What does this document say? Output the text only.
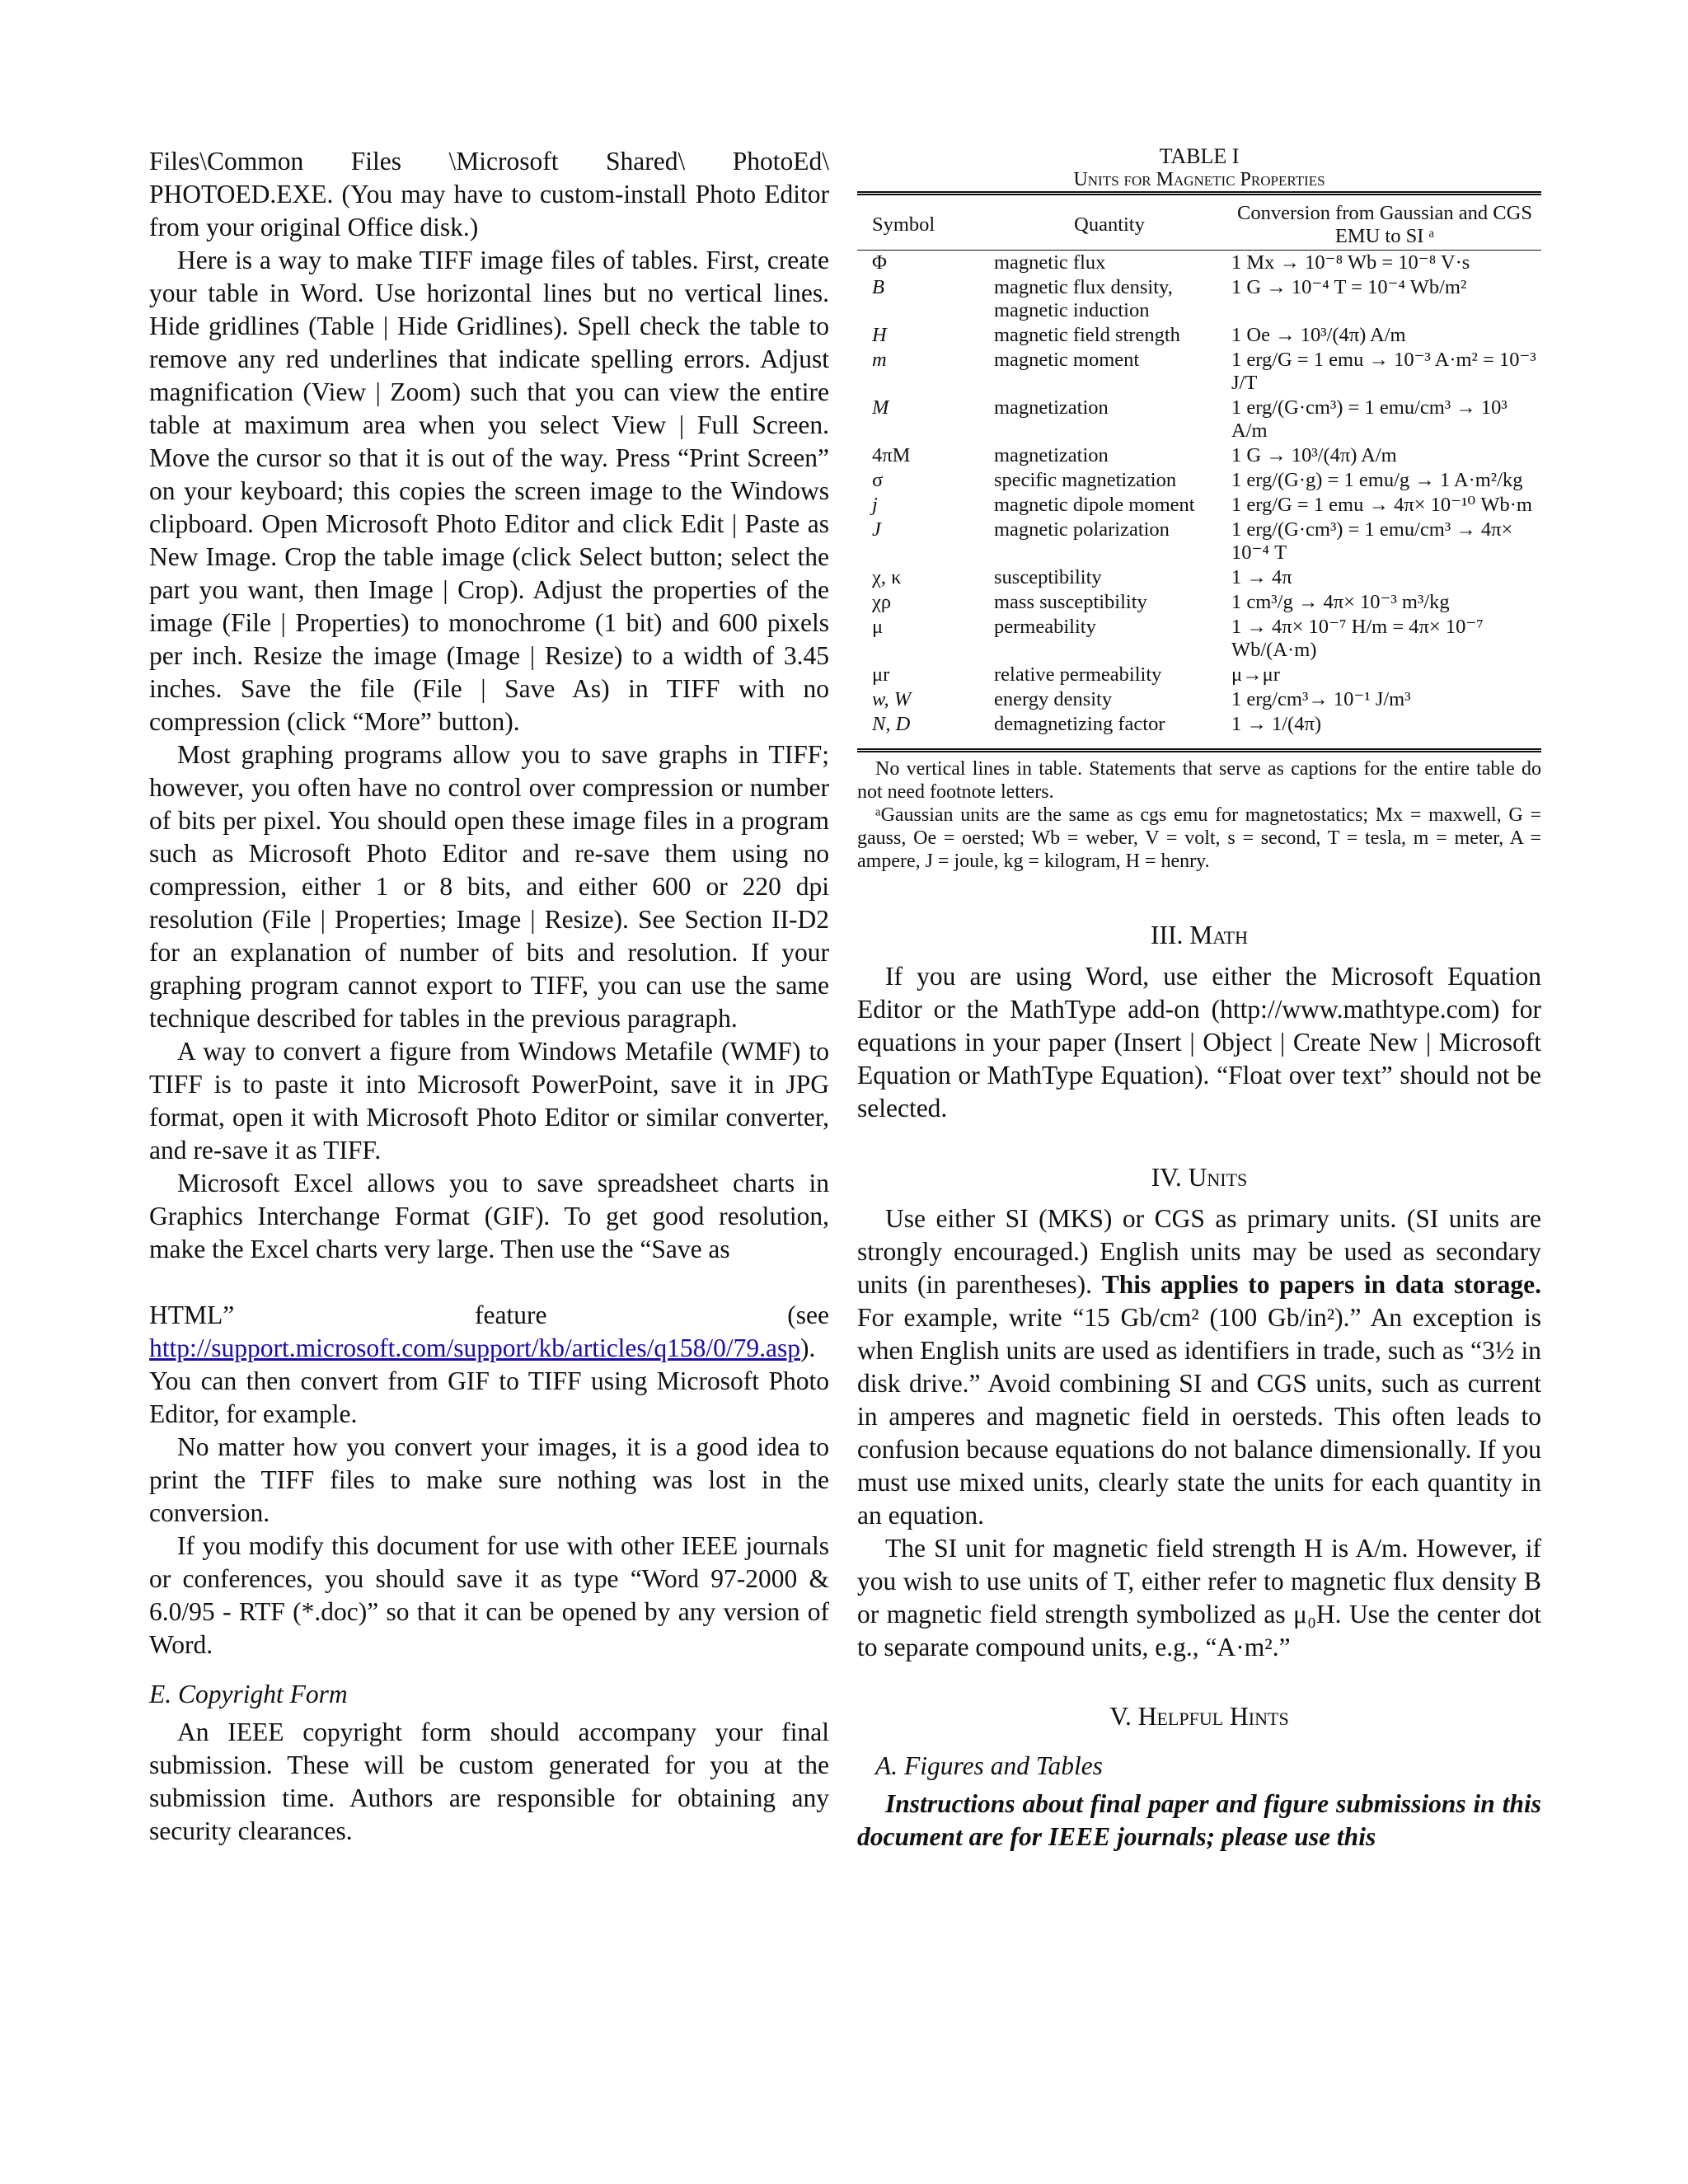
Files\Common Files \Microsoft Shared\ PhotoEd\ PHOTOED.EXE. (You may have to custom-install Photo Editor from your original Office disk.)

Here is a way to make TIFF image files of tables. First, create your table in Word. Use horizontal lines but no vertical lines. Hide gridlines (Table | Hide Gridlines). Spell check the table to remove any red underlines that indicate spelling errors. Adjust magnification (View | Zoom) such that you can view the entire table at maximum area when you select View | Full Screen. Move the cursor so that it is out of the way. Press “Print Screen” on your keyboard; this copies the screen image to the Windows clipboard. Open Microsoft Photo Editor and click Edit | Paste as New Image. Crop the table image (click Select button; select the part you want, then Image | Crop). Adjust the properties of the image (File | Properties) to monochrome (1 bit) and 600 pixels per inch. Resize the image (Image | Resize) to a width of 3.45 inches. Save the file (File | Save As) in TIFF with no compression (click “More” button).

Most graphing programs allow you to save graphs in TIFF; however, you often have no control over compression or number of bits per pixel. You should open these image files in a program such as Microsoft Photo Editor and re-save them using no compression, either 1 or 8 bits, and either 600 or 220 dpi resolution (File | Properties; Image | Resize). See Section II-D2 for an explanation of number of bits and resolution. If your graphing program cannot export to TIFF, you can use the same technique described for tables in the previous paragraph.

A way to convert a figure from Windows Metafile (WMF) to TIFF is to paste it into Microsoft PowerPoint, save it in JPG format, open it with Microsoft Photo Editor or similar converter, and re-save it as TIFF.

Microsoft Excel allows you to save spreadsheet charts in Graphics Interchange Format (GIF). To get good resolution, make the Excel charts very large. Then use the “Save as

HTML” feature (see http://support.microsoft.com/support/kb/articles/q158/0/79.asp). You can then convert from GIF to TIFF using Microsoft Photo Editor, for example.

No matter how you convert your images, it is a good idea to print the TIFF files to make sure nothing was lost in the conversion.

If you modify this document for use with other IEEE journals or conferences, you should save it as type “Word 97-2000 & 6.0/95 - RTF (*.doc)” so that it can be opened by any version of Word.

E. Copyright Form

An IEEE copyright form should accompany your final submission. These will be custom generated for you at the submission time. Authors are responsible for obtaining any security clearances.

TABLE I
Units for Magnetic Properties

Symbol	Quantity	Conversion from Gaussian and CGS EMU to SI ᵃ
Φ	magnetic flux	1 Mx → 10⁻⁸ Wb = 10⁻⁸ V·s
B	magnetic flux density, magnetic induction	1 G → 10⁻⁴ T = 10⁻⁴ Wb/m²
H	magnetic field strength	1 Oe → 10³/(4π) A/m
m	magnetic moment	1 erg/G = 1 emu → 10⁻³ A·m² = 10⁻³ J/T
M	magnetization	1 erg/(G·cm³) = 1 emu/cm³ → 10³ A/m
4πM	magnetization	1 G → 10³/(4π) A/m
σ	specific magnetization	1 erg/(G·g) = 1 emu/g → 1 A·m²/kg
j	magnetic dipole moment	1 erg/G = 1 emu → 4π× 10⁻¹⁰ Wb·m
J	magnetic polarization	1 erg/(G·cm³) = 1 emu/cm³ → 4π× 10⁻⁴ T
χ, κ	susceptibility	1 → 4π
χρ	mass susceptibility	1 cm³/g → 4π× 10⁻³ m³/kg
μ	permeability	1 → 4π× 10⁻⁷ H/m = 4π× 10⁻⁷ Wb/(A·m)
μr	relative permeability	μ→μr
w, W	energy density	1 erg/cm³→ 10⁻¹ J/m³
N, D	demagnetizing factor	1 → 1/(4π)

No vertical lines in table. Statements that serve as captions for the entire table do not need footnote letters.

ᵃGaussian units are the same as cgs emu for magnetostatics; Mx = maxwell, G = gauss, Oe = oersted; Wb = weber, V = volt, s = second, T = tesla, m = meter, A = ampere, J = joule, kg = kilogram, H = henry.

III. Math

If you are using Word, use either the Microsoft Equation Editor or the MathType add-on (http://www.mathtype.com) for equations in your paper (Insert | Object | Create New | Microsoft Equation or MathType Equation). “Float over text” should not be selected.

IV. Units

Use either SI (MKS) or CGS as primary units. (SI units are strongly encouraged.) English units may be used as secondary units (in parentheses). This applies to papers in data storage. For example, write “15 Gb/cm² (100 Gb/in²).” An exception is when English units are used as identifiers in trade, such as “3½ in disk drive.” Avoid combining SI and CGS units, such as current in amperes and magnetic field in oersteds. This often leads to confusion because equations do not balance dimensionally. If you must use mixed units, clearly state the units for each quantity in an equation.

The SI unit for magnetic field strength H is A/m. However, if you wish to use units of T, either refer to magnetic flux density B or magnetic field strength symbolized as μ₀H. Use the center dot to separate compound units, e.g., “A·m².”

V. Helpful Hints
A. Figures and Tables

Instructions about final paper and figure submissions in this document are for IEEE journals; please use this
